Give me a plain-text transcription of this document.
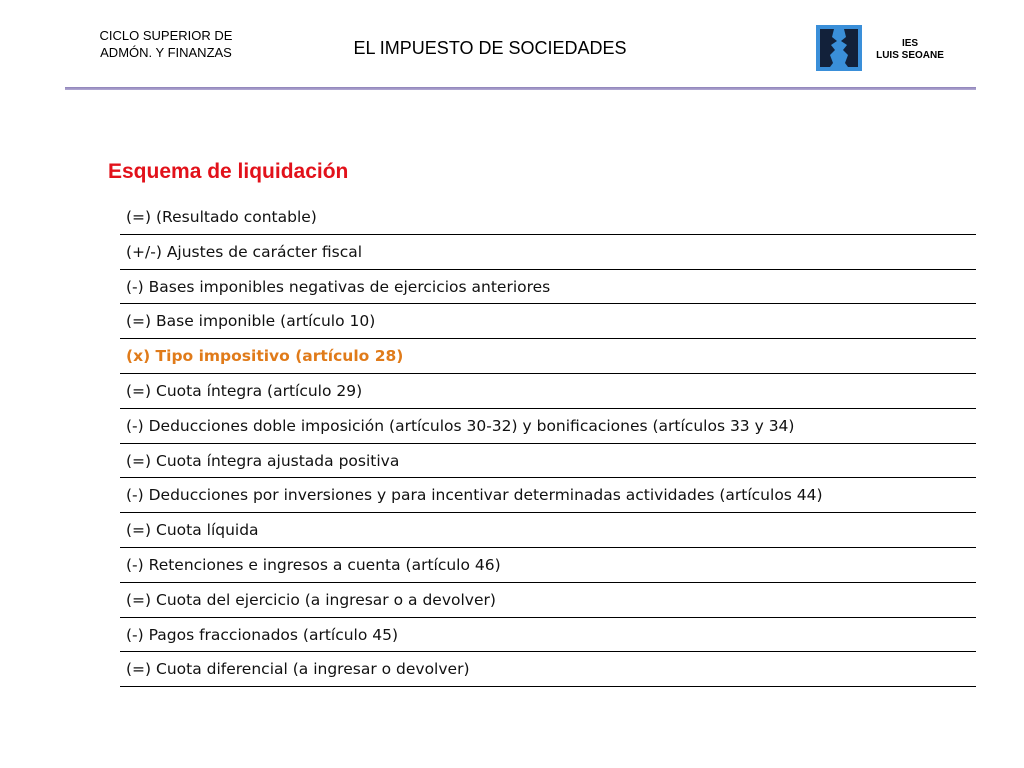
CICLO SUPERIOR DE ADMÓN. Y FINANZAS	EL IMPUESTO DE SOCIEDADES	IES
LUIS SEOANE
Esquema de liquidación
(=) (Resultado contable)
(+/-) Ajustes de carácter fiscal
(-) Bases imponibles negativas de ejercicios anteriores
(=) Base imponible (artículo 10)
(x) Tipo impositivo (artículo 28)
(=) Cuota íntegra (artículo 29)
(-) Deducciones doble imposición (artículos 30-32) y bonificaciones (artículos 33 y 34)
(=) Cuota íntegra ajustada positiva
(-) Deducciones por inversiones y para incentivar determinadas actividades (artículos 44)
(=) Cuota líquida
(-) Retenciones e ingresos a cuenta (artículo 46)
(=) Cuota del ejercicio (a ingresar o a devolver)
(-) Pagos fraccionados (artículo 45)
(=) Cuota diferencial (a ingresar o devolver)
